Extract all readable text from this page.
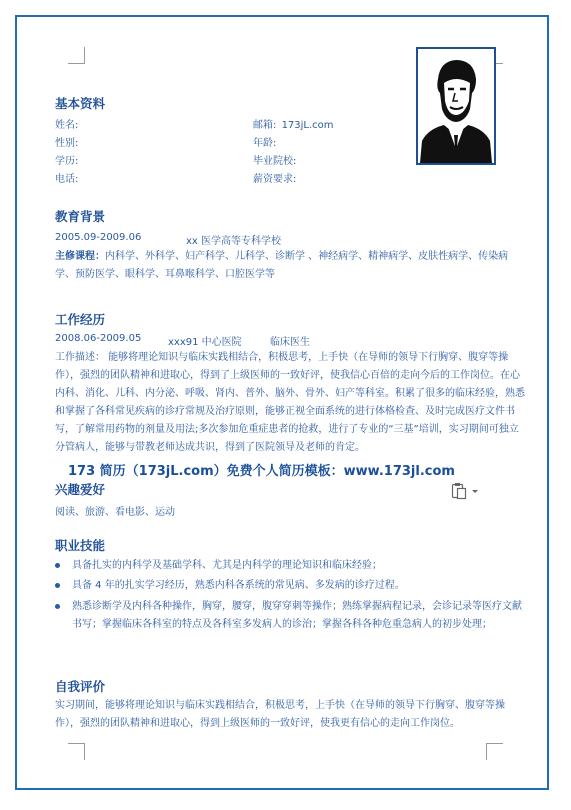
基本资料
姓名:
性别:
学历:
电话:
邮箱: 173jL.com
年龄:
毕业院校:
薪资要求:
教育背景
2005.09-2009.06	xx 医学高等专科学校
主修课程：内科学、外科学、妇产科学、儿科学、诊断学 、神经病学、精神病学、皮肤性病学、传染病学、预防医学、眼科学、耳鼻喉科学、口腔医学等
工作经历
2008.06-2009.05	xxx91 中心医院	临床医生
工作描述： 能够将理论知识与临床实践相结合，积极思考，上手快（在导师的领导下行胸穿、腹穿等操作），强烈的团队精神和进取心，得到了上级医师的一致好评，使我信心百倍的走向今后的工作岗位。在心内科、消化、儿科、内分泌、呼吸、肾内、普外、脑外、骨外、妇产等科室。积累了很多的临床经验，熟悉和掌握了各科常见疾病的诊疗常规及治疗原则，能够正视全面系统的进行体格检查、及时完成医疗文件书写，了解常用药物的剂量及用法;多次参加危重症患者的抢救，进行了专业的“三基”培训，实习期间可独立分管病人，能够与带教老师达成共识，得到了医院领导及老师的肯定。
173 简历（173jL.com）免费个人简历模板：www.173jl.com
兴趣爱好
阅读、旅游、看电影、运动
职业技能
具备扎实的内科学及基础学科、尤其是内科学的理论知识和临床经验；
具备 4 年的扎实学习经历，熟悉内科各系统的常见病、多发病的诊疗过程。
熟悉诊断学及内科各种操作，胸穿，腰穿，腹穿穿刺等操作；熟练掌握病程记录，会诊记录等医疗文献书写；掌握临床各科室的特点及各科室多发病人的诊治；掌握各科各种危重急病人的初步处理；
自我评价
实习期间，能够将理论知识与临床实践相结合，积极思考，上手快（在导师的领导下行胸穿、腹穿等操作），强烈的团队精神和进取心，得到上级医师的一致好评，使我更有信心的走向工作岗位。
